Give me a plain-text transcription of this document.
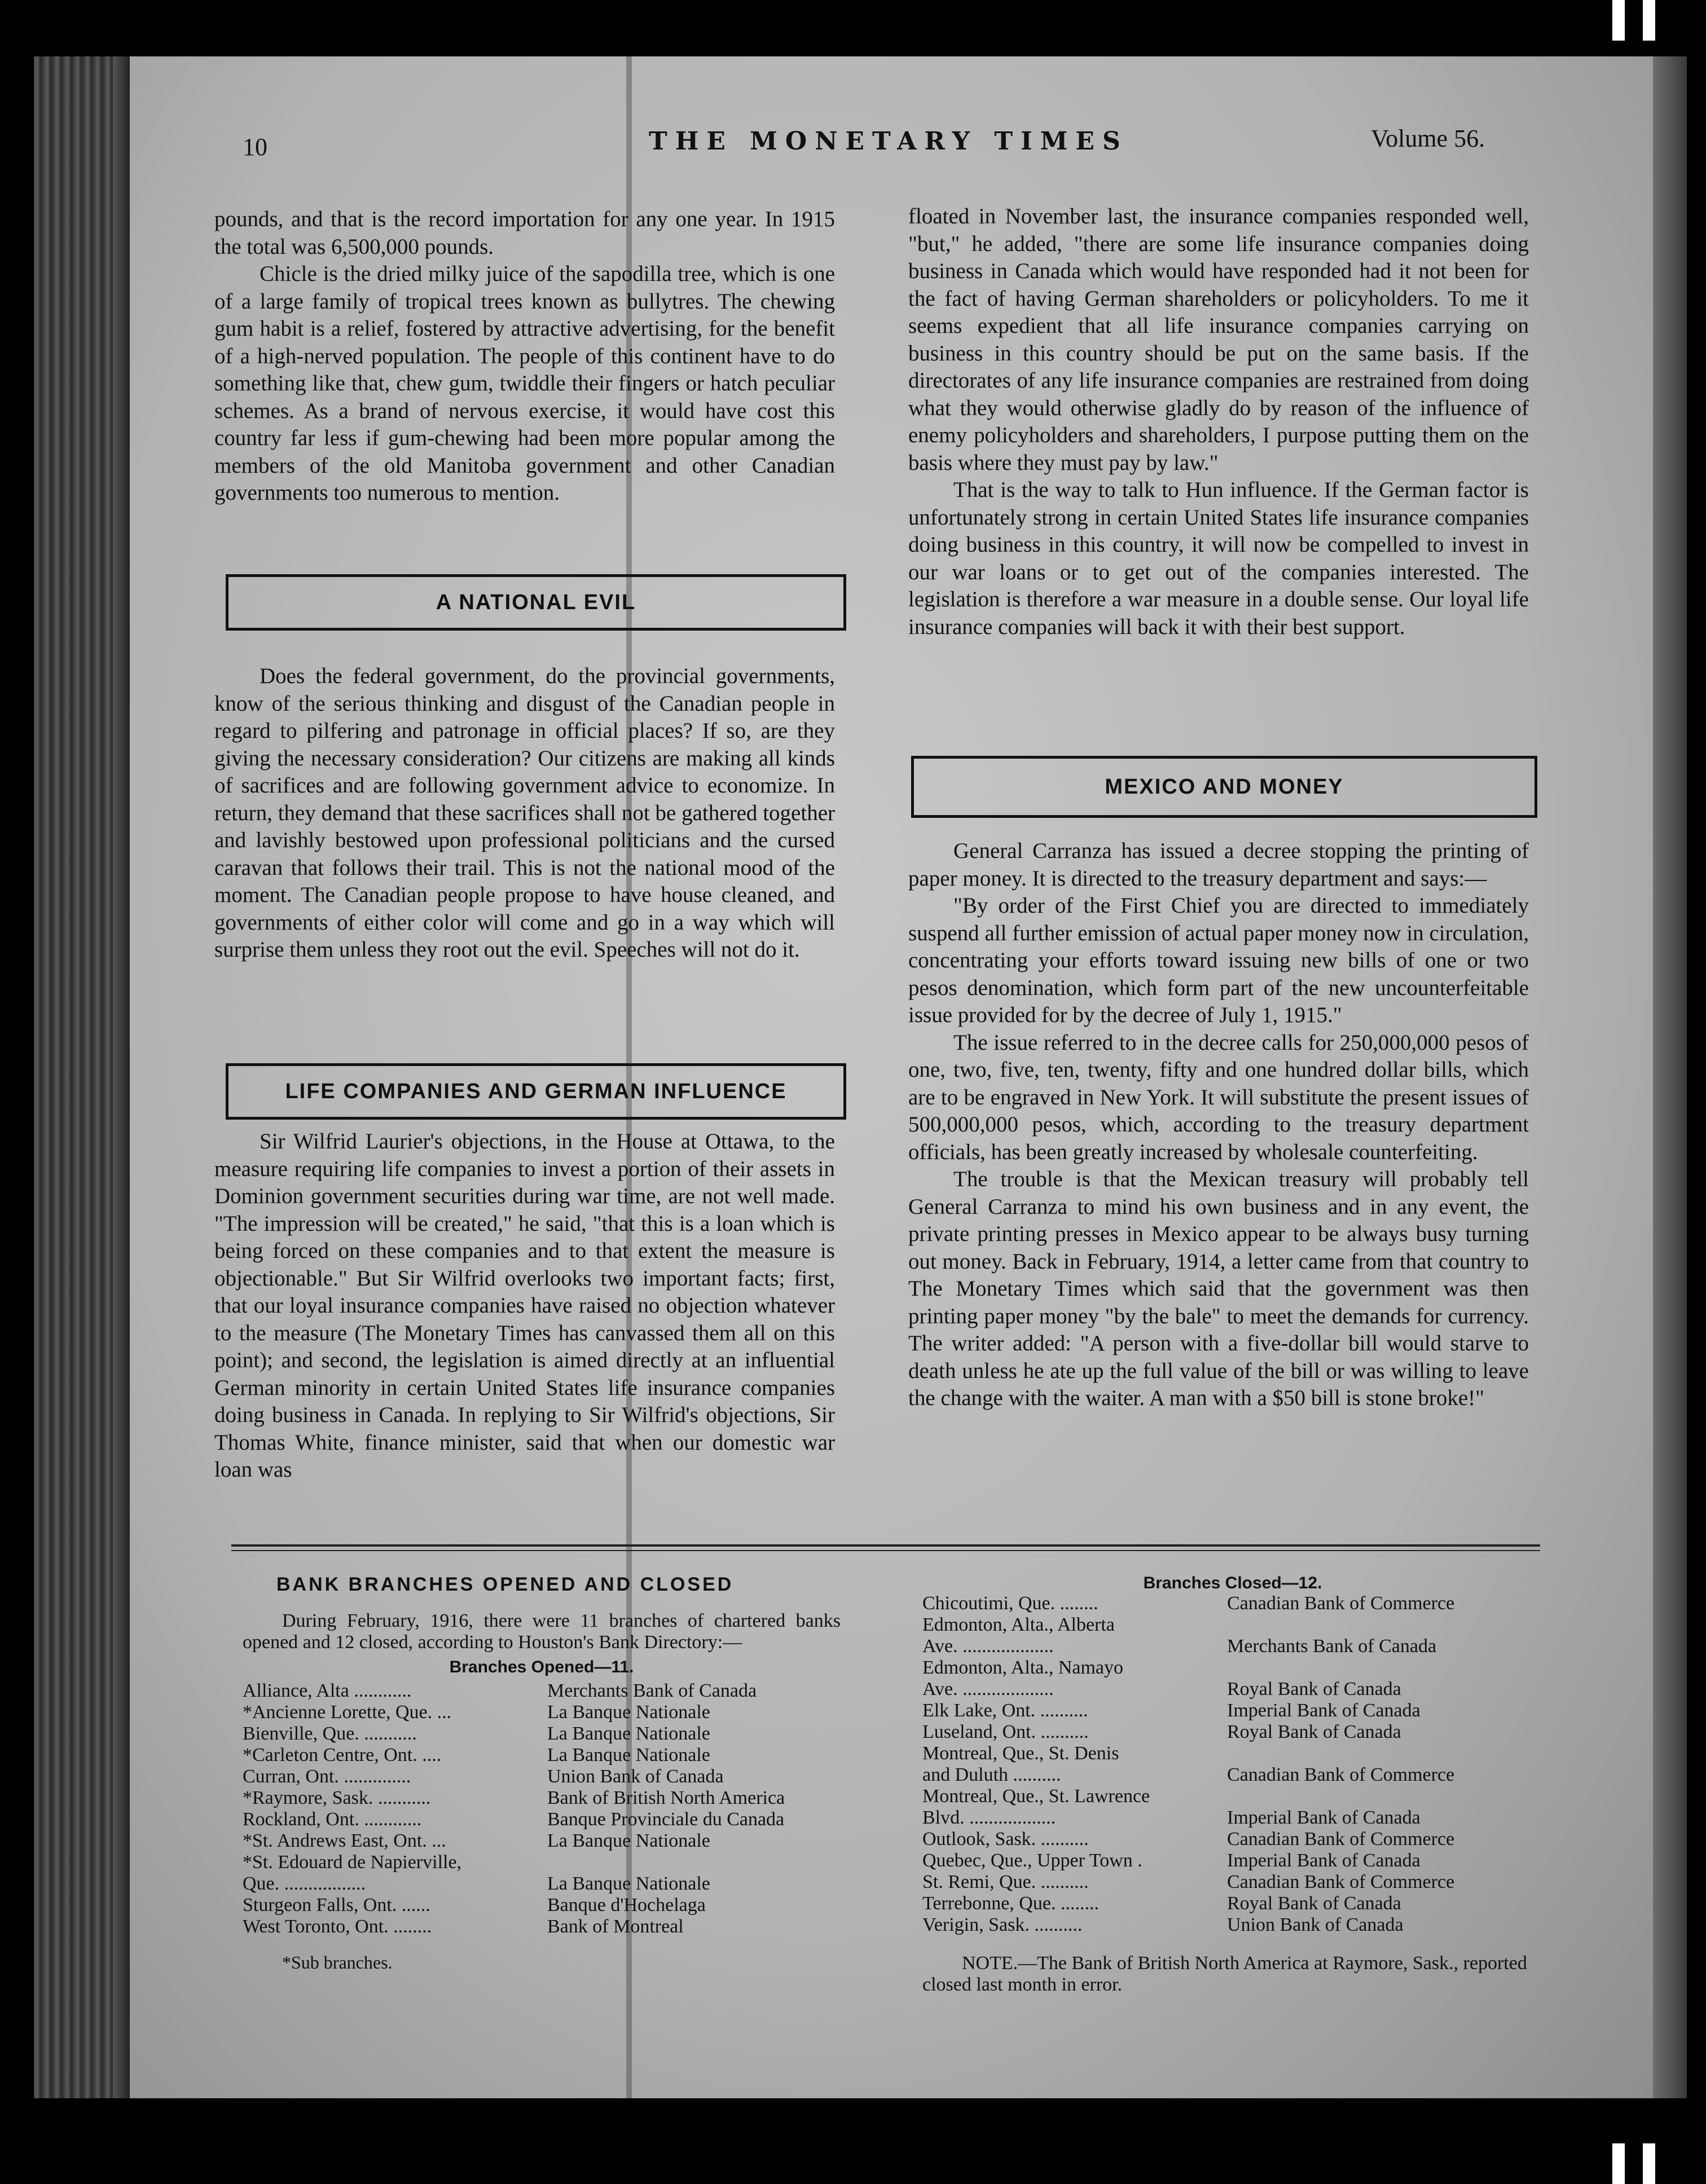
10	THE MONETARY TIMES	Volume 56.

pounds, and that is the record importation for any one year. In 1915 the total was 6,500,000 pounds.

Chicle is the dried milky juice of the sapodilla tree, which is one of a large family of tropical trees known as bullytres. The chewing gum habit is a relief, fostered by attractive advertising, for the benefit of a high-nerved population. The people of this continent have to do something like that, chew gum, twiddle their fingers or hatch peculiar schemes. As a brand of nervous exercise, it would have cost this country far less if gum-chewing had been more popular among the members of the old Manitoba government and other Canadian governments too numerous to mention.

A NATIONAL EVIL

Does the federal government, do the provincial governments, know of the serious thinking and disgust of the Canadian people in regard to pilfering and patronage in official places? If so, are they giving the necessary consideration? Our citizens are making all kinds of sacrifices and are following government advice to economize. In return, they demand that these sacrifices shall not be gathered together and lavishly bestowed upon professional politicians and the cursed caravan that follows their trail. This is not the national mood of the moment. The Canadian people propose to have house cleaned, and governments of either color will come and go in a way which will surprise them unless they root out the evil. Speeches will not do it.

LIFE COMPANIES AND GERMAN INFLUENCE

Sir Wilfrid Laurier's objections, in the House at Ottawa, to the measure requiring life companies to invest a portion of their assets in Dominion government securities during war time, are not well made. "The impression will be created," he said, "that this is a loan which is being forced on these companies and to that extent the measure is objectionable." But Sir Wilfrid overlooks two important facts; first, that our loyal insurance companies have raised no objection whatever to the measure (The Monetary Times has canvassed them all on this point); and second, the legislation is aimed directly at an influential German minority in certain United States life insurance companies doing business in Canada. In replying to Sir Wilfrid's objections, Sir Thomas White, finance minister, said that when our domestic war loan was

floated in November last, the insurance companies responded well, "but," he added, "there are some life insurance companies doing business in Canada which would have responded had it not been for the fact of having German shareholders or policyholders. To me it seems expedient that all life insurance companies carrying on business in this country should be put on the same basis. If the directorates of any life insurance companies are restrained from doing what they would otherwise gladly do by reason of the influence of enemy policyholders and shareholders, I purpose putting them on the basis where they must pay by law."

That is the way to talk to Hun influence. If the German factor is unfortunately strong in certain United States life insurance companies doing business in this country, it will now be compelled to invest in our war loans or to get out of the companies interested. The legislation is therefore a war measure in a double sense. Our loyal life insurance companies will back it with their best support.

MEXICO AND MONEY

General Carranza has issued a decree stopping the printing of paper money. It is directed to the treasury department and says:—

"By order of the First Chief you are directed to immediately suspend all further emission of actual paper money now in circulation, concentrating your efforts toward issuing new bills of one or two pesos denomination, which form part of the new uncounterfeitable issue provided for by the decree of July 1, 1915."

The issue referred to in the decree calls for 250,000,000 pesos of one, two, five, ten, twenty, fifty and one hundred dollar bills, which are to be engraved in New York. It will substitute the present issues of 500,000,000 pesos, which, according to the treasury department officials, has been greatly increased by wholesale counterfeiting.

The trouble is that the Mexican treasury will probably tell General Carranza to mind his own business and in any event, the private printing presses in Mexico appear to be always busy turning out money. Back in February, 1914, a letter came from that country to The Monetary Times which said that the government was then printing paper money "by the bale" to meet the demands for currency. The writer added: "A person with a five-dollar bill would starve to death unless he ate up the full value of the bill or was willing to leave the change with the waiter. A man with a $50 bill is stone broke!"

BANK BRANCHES OPENED AND CLOSED
During February, 1916, there were 11 branches of chartered banks opened and 12 closed, according to Houston's Bank Directory:—
Branches Opened—11.
Alliance, Alta ............	Merchants Bank of Canada
*Ancienne Lorette, Que. ...	La Banque Nationale
Bienville, Que. ...........	La Banque Nationale
*Carleton Centre, Ont. ....	La Banque Nationale
Curran, Ont. ..............	Union Bank of Canada
*Raymore, Sask. ...........	Bank of British North America
Rockland, Ont. ............	Banque Provinciale du Canada
*St. Andrews East, Ont. ...	La Banque Nationale
*St. Edouard de Napierville,
Que. .................	La Banque Nationale
Sturgeon Falls, Ont. ......	Banque d'Hochelaga
West Toronto, Ont. ........	Bank of Montreal
*Sub branches.
Branches Closed—12.
Chicoutimi, Que. ........	Canadian Bank of Commerce
Edmonton, Alta., Alberta
Ave. ...................	Merchants Bank of Canada
Edmonton, Alta., Namayo
Ave. ...................	Royal Bank of Canada
Elk Lake, Ont. ..........	Imperial Bank of Canada
Luseland, Ont. ..........	Royal Bank of Canada
Montreal, Que., St. Denis
and Duluth ..........	Canadian Bank of Commerce
Montreal, Que., St. Lawrence
Blvd. ..................	Imperial Bank of Canada
Outlook, Sask. ..........	Canadian Bank of Commerce
Quebec, Que., Upper Town .	Imperial Bank of Canada
St. Remi, Que. ..........	Canadian Bank of Commerce
Terrebonne, Que. ........	Royal Bank of Canada
Verigin, Sask. ..........	Union Bank of Canada
NOTE.—The Bank of British North America at Raymore, Sask., reported closed last month in error.
